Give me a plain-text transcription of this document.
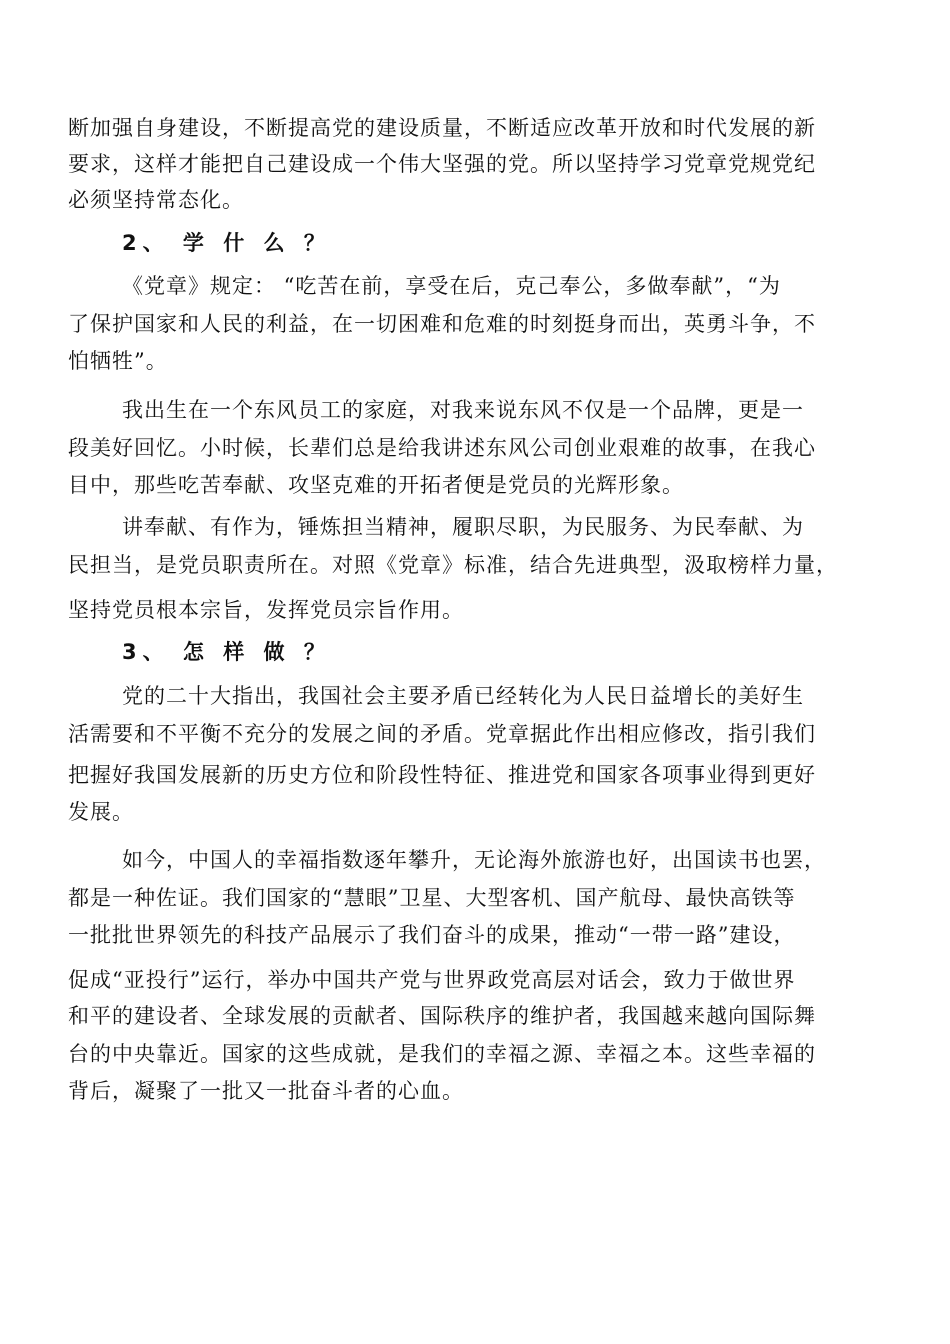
断加强自身建设，不断提高党的建设质量，不断适应改革开放和时代发展的新
要求，这样才能把自己建设成一个伟大坚强的党。所以坚持学习党章党规党纪
必须坚持常态化。
2、 学 什 么 ？
《党章》规定： “吃苦在前，享受在后，克己奉公，多做奉献”，“为
了保护国家和人民的利益，在一切困难和危难的时刻挺身而出，英勇斗争，不
怕牺牲”。
我出生在一个东风员工的家庭，对我来说东风不仅是一个品牌，更是一
段美好回忆。小时候，长辈们总是给我讲述东风公司创业艰难的故事，在我心
目中，那些吃苦奉献、攻坚克难的开拓者便是党员的光辉形象。
讲奉献、有作为，锤炼担当精神，履职尽职，为民服务、为民奉献、为
民担当，是党员职责所在。对照《党章》标准，结合先进典型，汲取榜样力量，
坚持党员根本宗旨，发挥党员宗旨作用。
3、 怎 样 做 ？
党的二十大指出，我国社会主要矛盾已经转化为人民日益增长的美好生
活需要和不平衡不充分的发展之间的矛盾。党章据此作出相应修改，指引我们
把握好我国发展新的历史方位和阶段性特征、推进党和国家各项事业得到更好
发展。
如今，中国人的幸福指数逐年攀升，无论海外旅游也好，出国读书也罢，
都是一种佐证。我们国家的“慧眼”卫星、大型客机、国产航母、最快高铁等
一批批世界领先的科技产品展示了我们奋斗的成果，推动“一带一路”建设，
促成“亚投行”运行，举办中国共产党与世界政党高层对话会，致力于做世界
和平的建设者、全球发展的贡献者、国际秩序的维护者，我国越来越向国际舞
台的中央靠近。国家的这些成就，是我们的幸福之源、幸福之本。这些幸福的
背后，凝聚了一批又一批奋斗者的心血。
